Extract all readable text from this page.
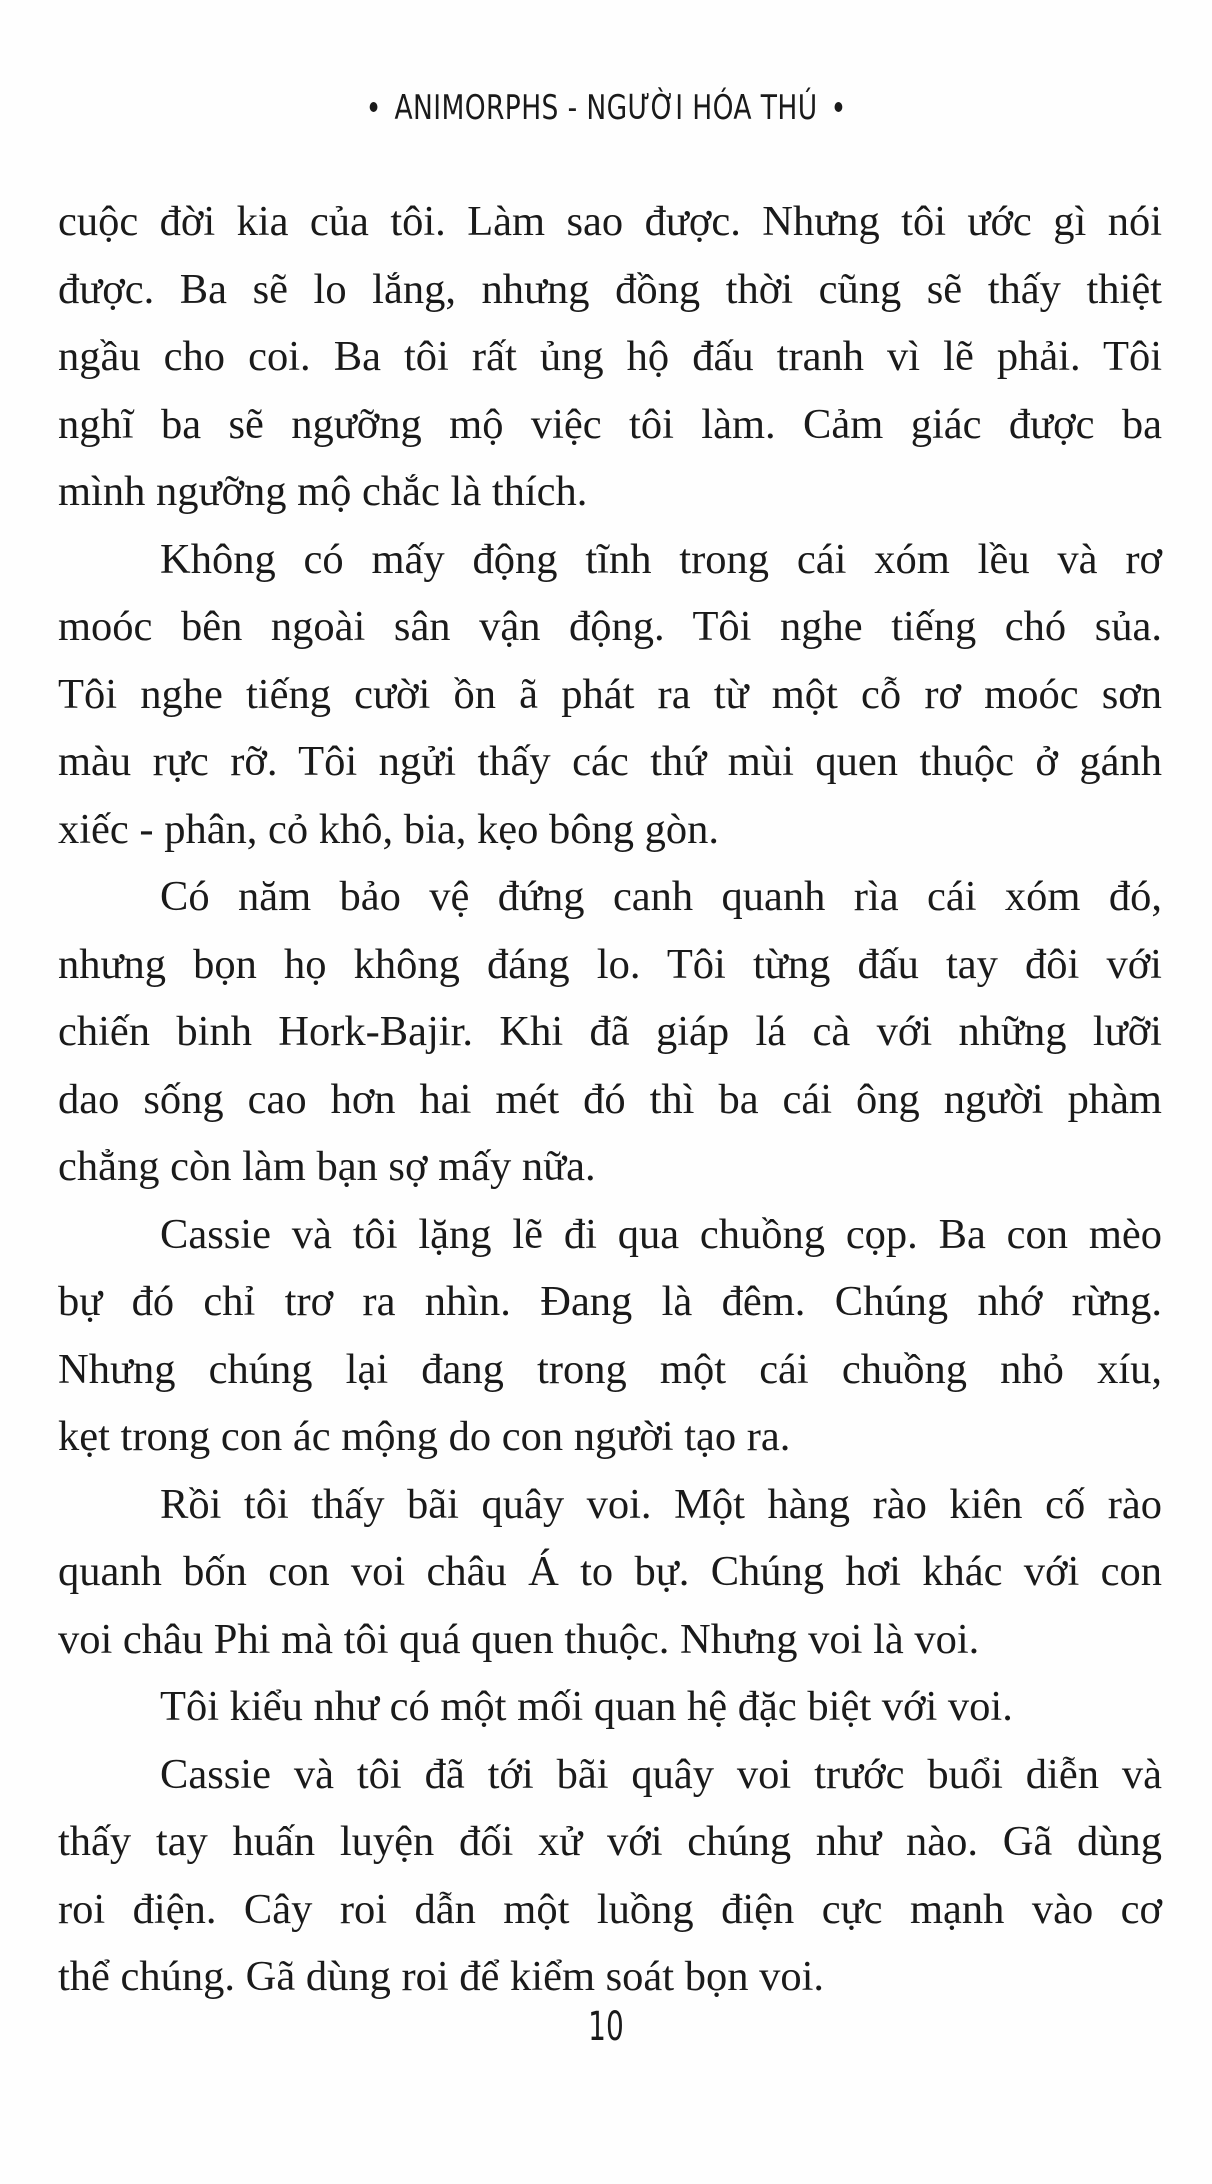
ANIMORPHS - NGƯỜI HÓA THÚ

cuộc đời kia của tôi. Làm sao được. Nhưng tôi ước gì nói
được. Ba sẽ lo lắng, nhưng đồng thời cũng sẽ thấy thiệt
ngầu cho coi. Ba tôi rất ủng hộ đấu tranh vì lẽ phải. Tôi
nghĩ ba sẽ ngưỡng mộ việc tôi làm. Cảm giác được ba
mình ngưỡng mộ chắc là thích.

Không có mấy động tĩnh trong cái xóm lều và rơ
moóc bên ngoài sân vận động. Tôi nghe tiếng chó sủa.
Tôi nghe tiếng cười ồn ã phát ra từ một cỗ rơ moóc sơn
màu rực rỡ. Tôi ngửi thấy các thứ mùi quen thuộc ở gánh
xiếc - phân, cỏ khô, bia, kẹo bông gòn.

Có năm bảo vệ đứng canh quanh rìa cái xóm đó,
nhưng bọn họ không đáng lo. Tôi từng đấu tay đôi với
chiến binh Hork-Bajir. Khi đã giáp lá cà với những lưỡi
dao sống cao hơn hai mét đó thì ba cái ông người phàm
chẳng còn làm bạn sợ mấy nữa.

Cassie và tôi lặng lẽ đi qua chuồng cọp. Ba con mèo
bự đó chỉ trơ ra nhìn. Đang là đêm. Chúng nhớ rừng.
Nhưng chúng lại đang trong một cái chuồng nhỏ xíu,
kẹt trong con ác mộng do con người tạo ra.

Rồi tôi thấy bãi quây voi. Một hàng rào kiên cố rào
quanh bốn con voi châu Á to bự. Chúng hơi khác với con
voi châu Phi mà tôi quá quen thuộc. Nhưng voi là voi.

Tôi kiểu như có một mối quan hệ đặc biệt với voi.

Cassie và tôi đã tới bãi quây voi trước buổi diễn và
thấy tay huấn luyện đối xử với chúng như nào. Gã dùng
roi điện. Cây roi dẫn một luồng điện cực mạnh vào cơ
thể chúng. Gã dùng roi để kiểm soát bọn voi.

10
